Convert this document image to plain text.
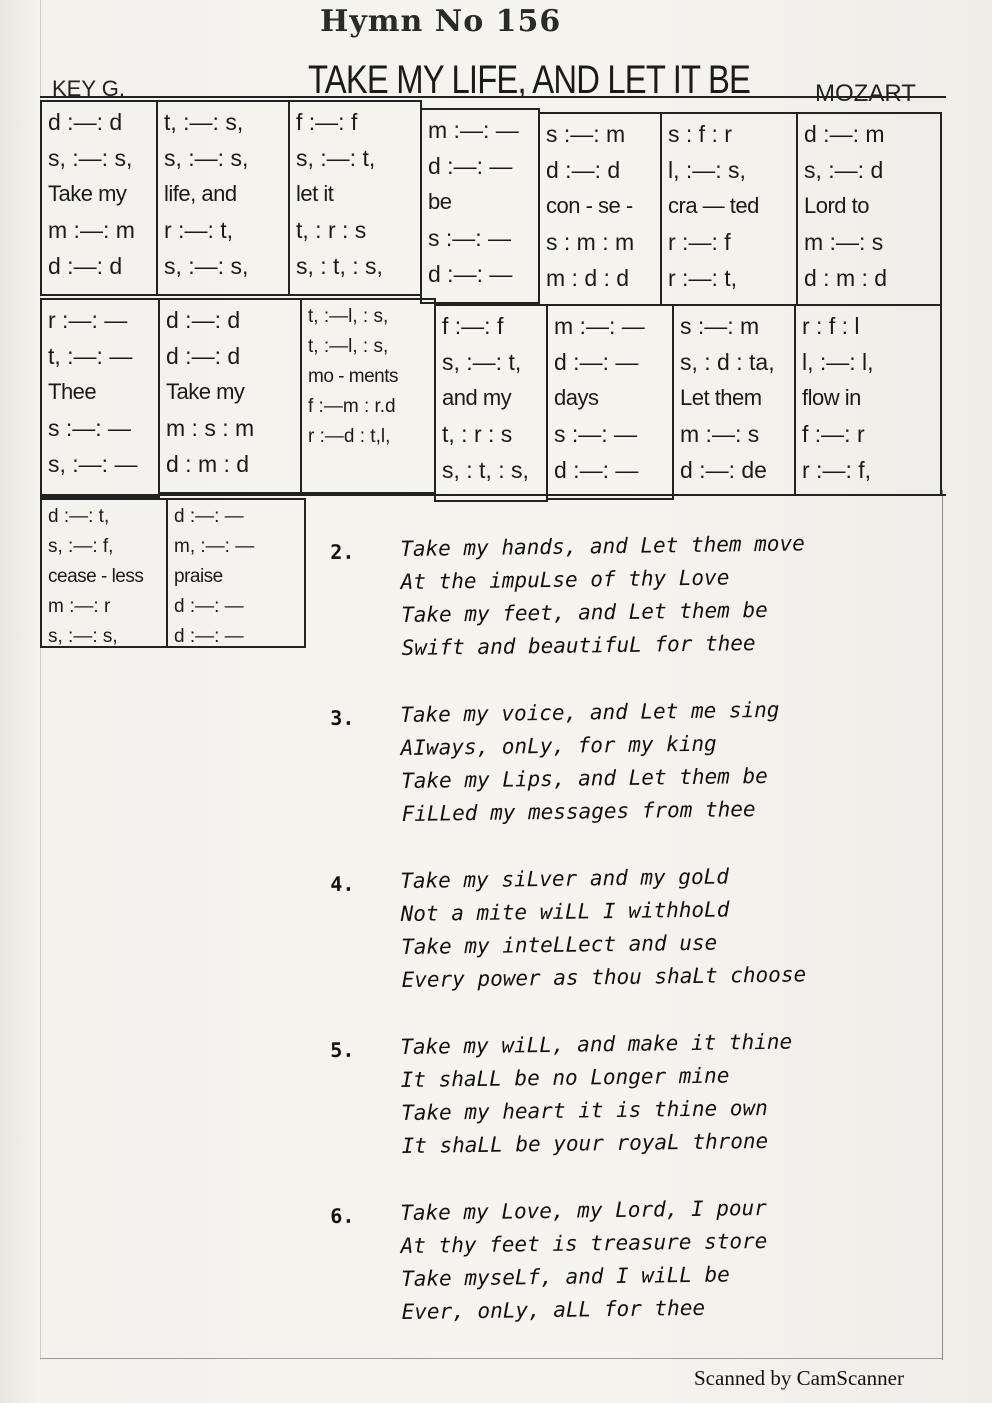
Hymn No 156
KEY G.	TAKE MY LIFE, AND LET IT BE	MOZART
d :—: d
s, :—: s,
Take my
m :—: m
d :—: d
t, :—: s,
s, :—: s,
life, and
r :—: t,
s, :—: s,
f :—: f
s, :—: t,
let it
t, : r : s
s, : t, : s,
m :—: —
d :—: —
be
s :—: —
d :—: —
s :—: m
d :—: d
con - se -
s : m : m
m : d : d
s : f : r
l, :—: s,
cra — ted
r :—: f
r :—: t,
d :—: m
s, :—: d
Lord to
m :—: s
d : m : d
r :—: —
t, :—: —
Thee
s :—: —
s, :—: —
d :—: d
d :—: d
Take my
m : s : m
d : m : d
t, :—l, : s,
t, :—l, : s,
mo - ments
f :—m : r.d
r :—d : t,l,
f :—: f
s, :—: t,
and my
t, : r : s
s, : t, : s,
m :—: —
d :—: —
days
s :—: —
d :—: —
s :—: m
s, : d : ta,
Let them
m :—: s
d :—: de
r : f : l
l, :—: l,
flow in
f :—: r
r :—: f,
d :—: t,
s, :—: f,
cease - less
m :—: r
s, :—: s,
d :—: —
m, :—: —
praise
d :—: —
d :—: —
2. Take my hands, and Let them move
At the impuLse of thy Love
Take my feet, and Let them be
Swift and beautifuL for thee
3. Take my voice, and Let me sing
AIways, onLy, for my king
Take my Lips, and Let them be
FiLLed my messages from thee
4. Take my siLver and my goLd
Not a mite wiLL I withhoLd
Take my inteLLect and use
Every power as thou shaLt choose
5. Take my wiLL, and make it thine
It shaLL be no Longer mine
Take my heart it is thine own
It shaLL be your royaL throne
6. Take my Love, my Lord, I pour
At thy feet is treasure store
Take myseLf, and I wiLL be
Ever, onLy, aLL for thee
Scanned by CamScanner
